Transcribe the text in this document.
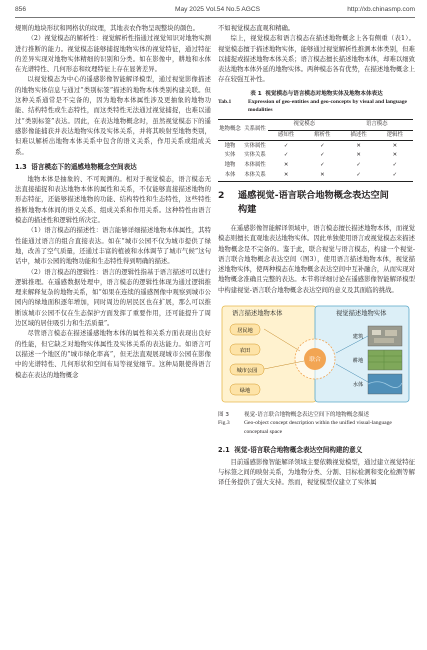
856	May 2025 Vol.54 No.5 AGCS	http://xb.chinasmp.com

规则的地块形状和网格状的纹理，其地表农作物呈现整块的颜色。

（2）视觉模态的解析性：视觉解析性指通过视觉知识对地物实测进行推断的能力。视觉模态能够捕捉地物实体的视觉特征，通过特征的差异实现对地物实体精细的识别和分类。如在影像中，耕地和水体在光谱特性、几何形态和纹理特征上存在显著差异。

以视觉模态为中心的遥感影像智能解译模型，通过视觉影像描述的地物实体信息与通过“类别标签”描述的地物本体类别构建关联。但这种关系通常是不完备的，因为地物本体属性涉及更抽象的地物功能、结构特性或生态特性，而这类特性无法通过视觉捕捉，也难以通过“类别标签”表达。因此，在表达地物概念时，虽然视觉模态下的遥感影像能捕获并表达地物实体及实体关系，并将其映射至地物类别，但难以解析出地物本体关系中包含的语义关系，作用关系或组成关系。

1.3 语言模态下的遥感地物概念空间表达

地物本体是抽象的、不可观测的。相对于视觉模态，语言模态无法直接捕捉和表达地物本体的属性和关系，不仅能够直接描述地物的形态特征，还能够描述地物的功能、结构特性和生态特性，这些特性推断地物本体间的语义关系、组成关系和作用关系。这种特性由语言模态的描述性和逻辑性所决定。

（1）语言模态的描述性：语言能够详细描述地物本体属性，其特性能通过语言的组合直接表达。如在“城市公园不仅为城市提供了绿地，改善了空气质量，还通过丰富的植被和水体调节了城市气候”这句话中，城市公园的地物功能和生态特性得到明确的描述。

（2）语言模态的逻辑性：语言的逻辑性指基于语言描述可以进行逻辑推理。在遥感数据处理中，语言模态的逻辑性体现为通过逻辑推理来解释复杂的地物关系，如“如果在连续的遥感图像中观察到城市公园内的绿地面积逐年增加，同时周边的居民区也在扩展，那么可以推断该城市公园不仅在生态保护方面发挥了重要作用，还可能提升了周边区域的居住吸引力和生活质量”。

尽管语言模态在描述遥感地物本体的属性和关系方面表现出良好的性能，但它缺乏对地物实体属性及实体关系的表达能力。如语言可以描述一个地区的“城市绿化率高”，但无法直观展现城市公园在影像中的光谱特性、几何形状和空间布局等视觉细节。这种局限使得语言模态在表达的地物概念

不如视觉模态直观和精确。

综上，视觉模态和语言模态在描述地物概念上各有侧重（表1）。视觉模态擅于描述地物实体，能够通过视觉解析性推测本体类别，但难以捕捉或描述地物本体关系；语言模态擅长描述地物本体，却难以细致表达地物本体外延的地物实体。两种模态各有优势，在描述地物概念上存在较强互补性。

表 1
视觉模态与语言模态对地物实体及地物本体表达
Tab.1	Expression of geo-entities and geo-concepts by visual and language modalities
地物概念	关系属性	视觉模态		语言模态	
		感知性	解析性	描述性	逻辑性
地物	实体属性	✓	✓	✕	✕
实体	实体关系	✓	✓	✕	✕
地物	本体属性	✕	✓	✓	✓
本体	本体关系	✕	✕	✓	✓
2	遥感视觉-语言联合地物概念表达空间
构建

在遥感影像智能解译领域中，语言模态擅长描述地物本体，而视觉模态则擅长直观地表达地物实体。因此单独使用语言或视觉模态来描述地物概念是不完备的。鉴于此，联合视觉与语言模态，构建一个视觉-语言联合地物概念表达空间（图3），使用语言描述地物本体，视觉描述地物实体，使两种模态在地物概念表达空间中互补融合，从而实现对地物概念准确且完整的表达。本节将详细讨论在遥感影像智能解译模型中构建视觉-语言联合地物概念表达空间的意义及其面临的挑战。

语言描述地物本体	视觉描述地物实体
居民地
农田
城市公园
绿地
建筑
耕地
水体
联合
图 3	视觉-语言联合地物概念表达空间下的地物概念描述
Fig.3	Geo-object concept description within the unified visual-language conceptual space
2.1 视觉-语言联合地物概念表达空间构建的意义

目前遥感影像智能解译领域主要依赖视觉模型，通过建立视觉特征与标签之间的映射关系，为地物分类、分割、目标检测和变化检测等解译任务提供了强大支持。然而，视觉模型仅建立了实体属
